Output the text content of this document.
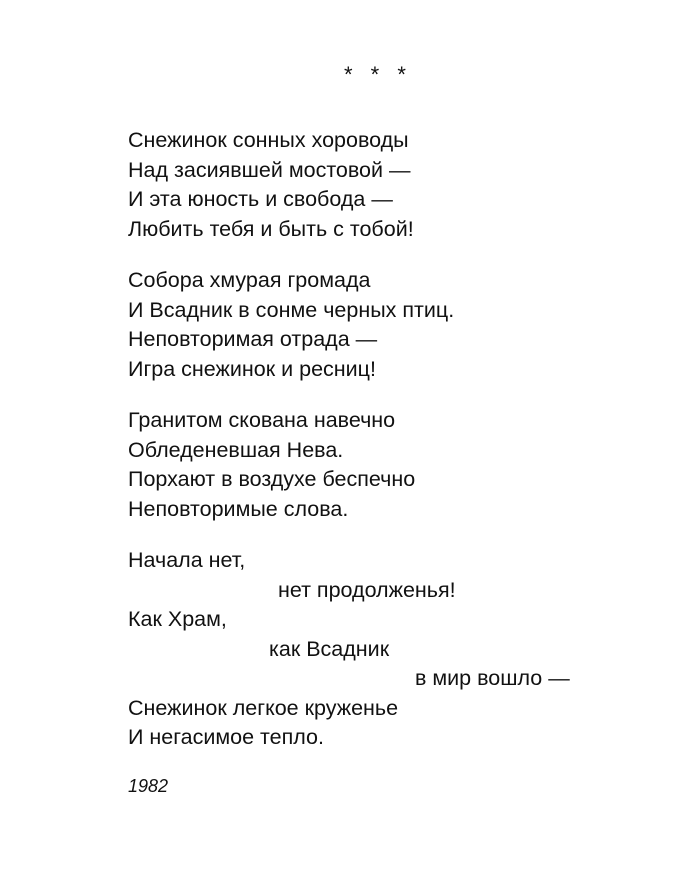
* * *
Снежинок сонных хороводы
Над засиявшей мостовой —
И эта юность и свобода —
Любить тебя и быть с тобой!
Собора хмурая громада
И Всадник в сонме черных птиц.
Неповторимая отрада —
Игра снежинок и ресниц!
Гранитом скована навечно
Обледеневшая Нева.
Порхают в воздухе беспечно
Неповторимые слова.
Начала нет,
нет продолженья!
Как Храм,
как Всадник
в мир вошло —
Снежинок легкое круженье
И негасимое тепло.
1982
